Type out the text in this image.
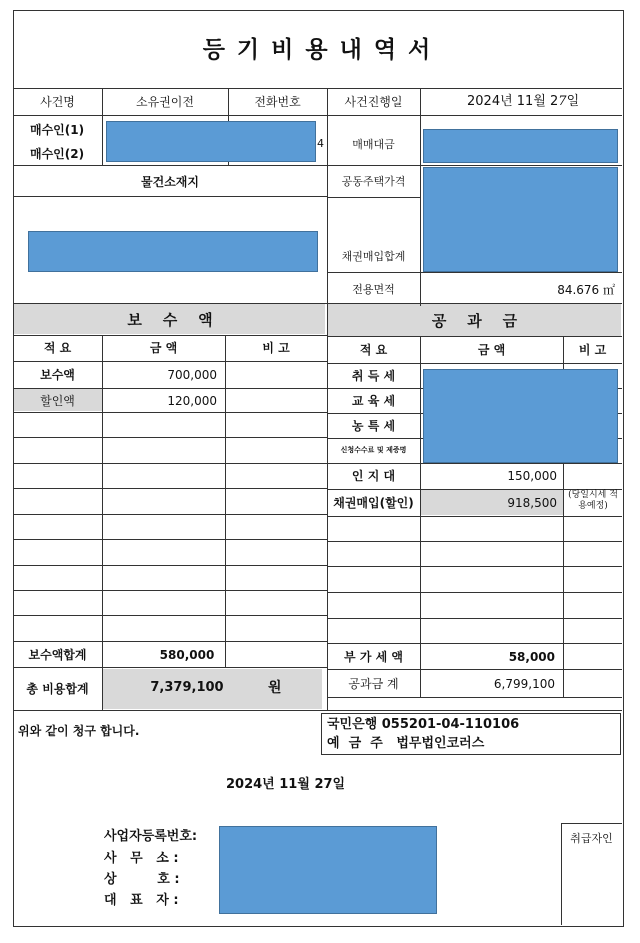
등 기 비 용 내 역 서
사건명	소유권이전	전화번호	사건진행일	2024년 11월 27일
매수인(1)
매수인(2)
4	매매대금
물건소재지	공동주택가격
채권매입합계
전용면적	84.676 ㎡
보    수    액	공    과    금
적 요	금 액	비 고
보수액	700,000
할인액	120,000
보수액합계	580,000
총 비용합계	7,379,100	원
적 요	금 액	비 고
취 득 세
교 육 세
농 특 세
신청수수료 및 제증명
인 지 대	150,000
채권매입(할인)	918,500
(당일시세 적용예정)
부 가 세 액	58,000
공과금 계	6,799,100
위와 같이 청구 합니다.	국민은행 055201-04-110106
예  금  주   법무법인코러스
2024년 11월 27일
사업자등록번호:
사   무   소 :
상         호 :
대   표   자 :
취급자인
